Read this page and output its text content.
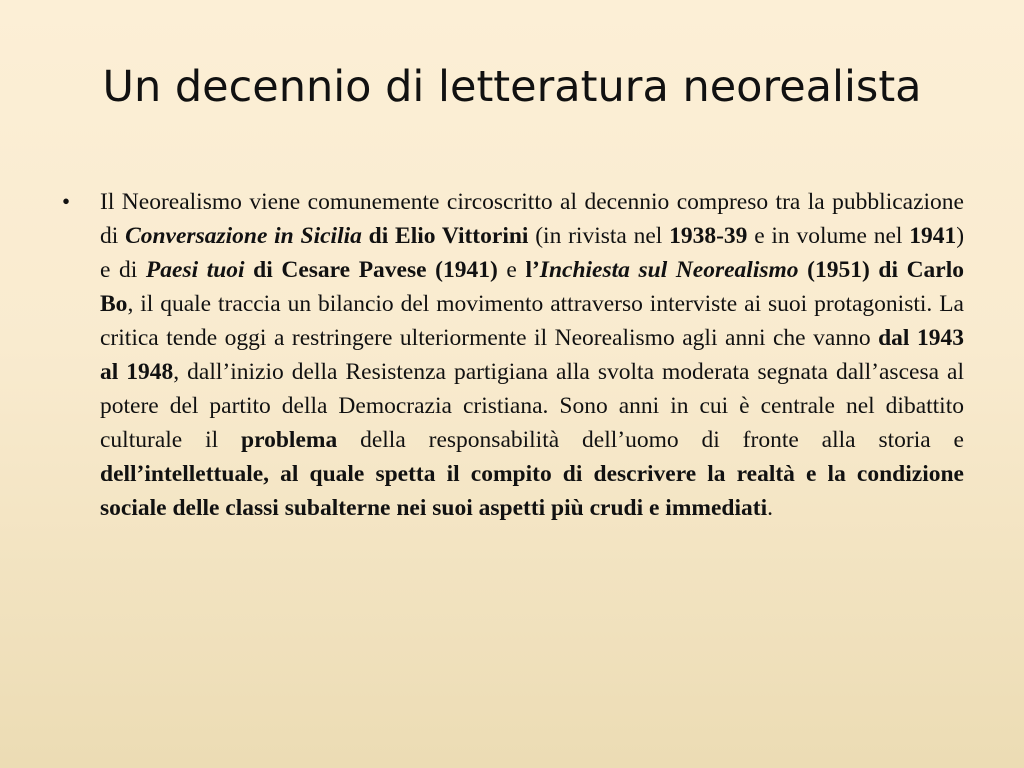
Un decennio di letteratura neorealista
• Il Neorealismo viene comunemente circoscritto al decennio compreso tra la pubblicazione di Conversazione in Sicilia di Elio Vittorini (in rivista nel 1938-39 e in volume nel 1941) e di Paesi tuoi di Cesare Pavese (1941) e l’Inchiesta sul Neorealismo (1951) di Carlo Bo, il quale traccia un bilancio del movimento attraverso interviste ai suoi protagonisti. La critica tende oggi a restringere ulteriormente il Neorealismo agli anni che vanno dal 1943 al 1948, dall’inizio della Resistenza partigiana alla svolta moderata segnata dall’ascesa al potere del partito della Democrazia cristiana. Sono anni in cui è centrale nel dibattito culturale il problema della responsabilità dell’uomo di fronte alla storia e dell’intellettuale, al quale spetta il compito di descrivere la realtà e la condizione sociale delle classi subalterne nei suoi aspetti più crudi e immediati.
